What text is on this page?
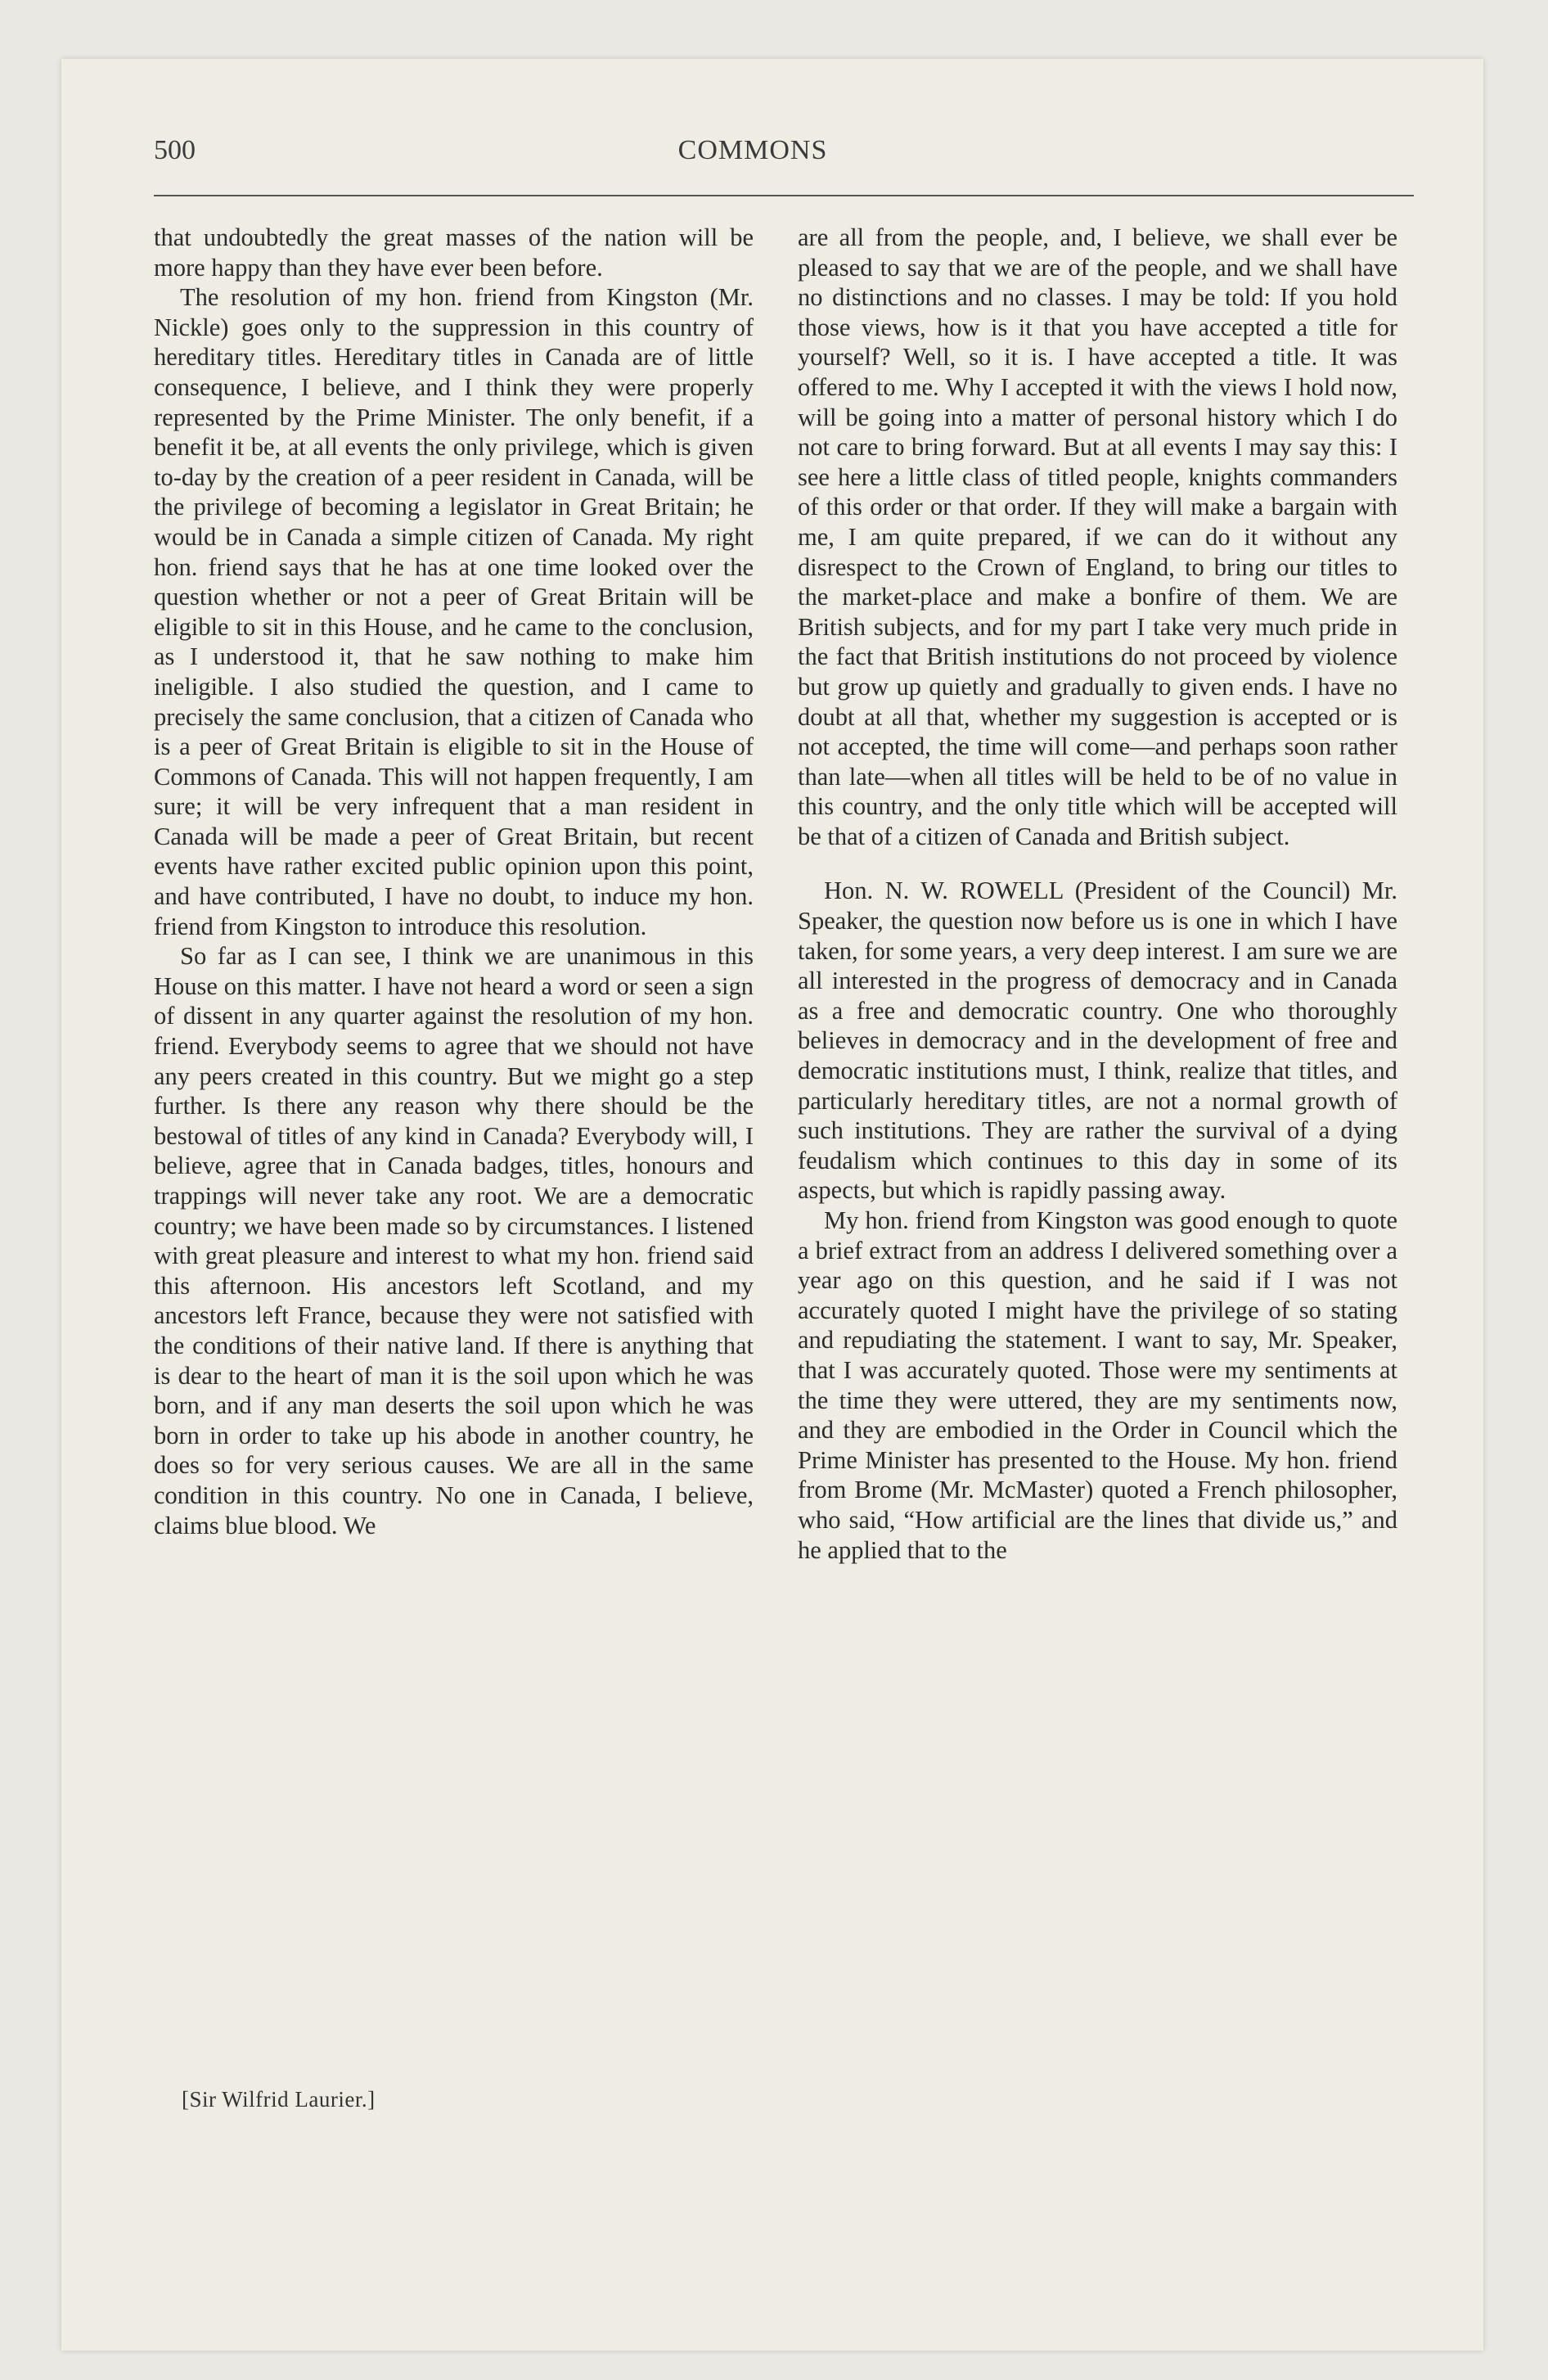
500	COMMONS

that undoubtedly the great masses of the nation will be more happy than they have ever been before.

The resolution of my hon. friend from Kingston (Mr. Nickle) goes only to the suppression in this country of hereditary titles. Hereditary titles in Canada are of little consequence, I believe, and I think they were properly represented by the Prime Minister. The only benefit, if a benefit it be, at all events the only privilege, which is given to-day by the creation of a peer resident in Canada, will be the privilege of becoming a legislator in Great Britain; he would be in Canada a simple citizen of Canada. My right hon. friend says that he has at one time looked over the question whether or not a peer of Great Britain will be eligible to sit in this House, and he came to the conclusion, as I understood it, that he saw nothing to make him ineligible. I also studied the question, and I came to precisely the same conclusion, that a citizen of Canada who is a peer of Great Britain is eligible to sit in the House of Commons of Canada. This will not happen frequently, I am sure; it will be very infrequent that a man resident in Canada will be made a peer of Great Britain, but recent events have rather excited public opinion upon this point, and have contributed, I have no doubt, to induce my hon. friend from Kingston to introduce this resolution.

So far as I can see, I think we are unanimous in this House on this matter. I have not heard a word or seen a sign of dissent in any quarter against the resolution of my hon. friend. Everybody seems to agree that we should not have any peers created in this country. But we might go a step further. Is there any reason why there should be the bestowal of titles of any kind in Canada? Everybody will, I believe, agree that in Canada badges, titles, honours and trappings will never take any root. We are a democratic country; we have been made so by circumstances. I listened with great pleasure and interest to what my hon. friend said this afternoon. His ancestors left Scotland, and my ancestors left France, because they were not satisfied with the conditions of their native land. If there is anything that is dear to the heart of man it is the soil upon which he was born, and if any man deserts the soil upon which he was born in order to take up his abode in another country, he does so for very serious causes. We are all in the same condition in this country. No one in Canada, I believe, claims blue blood. We

[Sir Wilfrid Laurier.]

are all from the people, and, I believe, we shall ever be pleased to say that we are of the people, and we shall have no distinctions and no classes. I may be told: If you hold those views, how is it that you have accepted a title for yourself? Well, so it is. I have accepted a title. It was offered to me. Why I accepted it with the views I hold now, will be going into a matter of personal history which I do not care to bring forward. But at all events I may say this: I see here a little class of titled people, knights commanders of this order or that order. If they will make a bargain with me, I am quite prepared, if we can do it without any disrespect to the Crown of England, to bring our titles to the market-place and make a bonfire of them. We are British subjects, and for my part I take very much pride in the fact that British institutions do not proceed by violence but grow up quietly and gradually to given ends. I have no doubt at all that, whether my suggestion is accepted or is not accepted, the time will come—and perhaps soon rather than late—when all titles will be held to be of no value in this country, and the only title which will be accepted will be that of a citizen of Canada and British subject.

Hon. N. W. ROWELL (President of the Council) Mr. Speaker, the question now before us is one in which I have taken, for some years, a very deep interest. I am sure we are all interested in the progress of democracy and in Canada as a free and democratic country. One who thoroughly believes in democracy and in the development of free and democratic institutions must, I think, realize that titles, and particularly hereditary titles, are not a normal growth of such institutions. They are rather the survival of a dying feudalism which continues to this day in some of its aspects, but which is rapidly passing away.

My hon. friend from Kingston was good enough to quote a brief extract from an address I delivered something over a year ago on this question, and he said if I was not accurately quoted I might have the privilege of so stating and repudiating the statement. I want to say, Mr. Speaker, that I was accurately quoted. Those were my sentiments at the time they were uttered, they are my sentiments now, and they are embodied in the Order in Council which the Prime Minister has presented to the House. My hon. friend from Brome (Mr. McMaster) quoted a French philosopher, who said, “How artificial are the lines that divide us,” and he applied that to the
